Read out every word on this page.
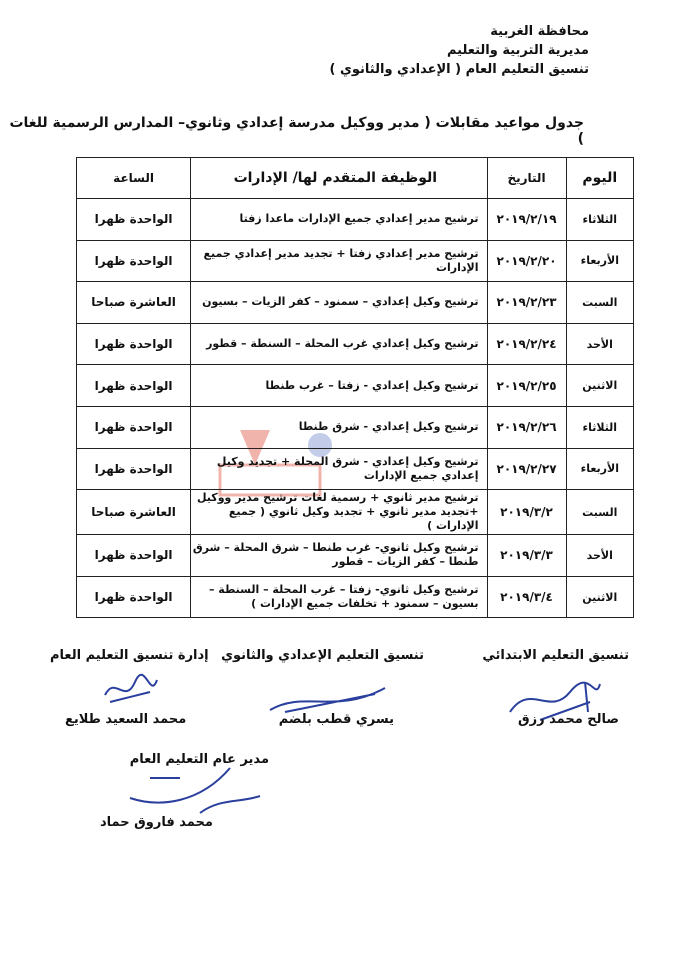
محافظة الغربية
مديرية التربية والتعليم
تنسيق التعليم العام ( الإعدادي والثانوي )
جدول مواعيد مقابلات ( مدير ووكيل مدرسة إعدادي وثانوي– المدارس الرسمية للغات )
اليوم	التاريخ	الوظيفة المتقدم لها/ الإدارات	الساعة
الثلاثاء	٢٠١٩/٢/١٩	ترشيح مدير إعدادي جميع الإدارات ماعدا زفتا	الواحدة ظهرا
الأربعاء	٢٠١٩/٢/٢٠	ترشيح مدير إعدادي زفتا + تجديد مدير إعدادي جميع الإدارات	الواحدة ظهرا
السبت	٢٠١٩/٢/٢٣	ترشيح وكيل إعدادي – سمنود – كفر الزيات – بسيون	العاشرة صباحا
الأحد	٢٠١٩/٢/٢٤	ترشيح وكيل إعدادي غرب المحلة – السنطة – قطور	الواحدة ظهرا
الاثنين	٢٠١٩/٢/٢٥	ترشيح وكيل إعدادي - زفتا – غرب طنطا	الواحدة ظهرا
الثلاثاء	٢٠١٩/٢/٢٦	ترشيح وكيل إعدادي - شرق طنطا	الواحدة ظهرا
الأربعاء	٢٠١٩/٢/٢٧	ترشيح وكيل إعدادي - شرق المحلة + تجديد وكيل إعدادي جميع الإدارات	الواحدة ظهرا
السبت	٢٠١٩/٣/٢	ترشيح مدير ثانوي + رسمية لغات ترشيح مدير ووكيل +تجديد مدير ثانوي + تجديد وكيل ثانوي ( جميع الإدارات )	العاشرة صباحا
الأحد	٢٠١٩/٣/٣	ترشيح وكيل ثانوي- غرب طنطا – شرق المحلة – شرق طنطا – كفر الزيات – قطور	الواحدة ظهرا
الاثنين	٢٠١٩/٣/٤	ترشيح وكيل ثانوي- زفتا – غرب المحلة – السنطة – بسيون – سمنود + تخلفات جميع الإدارات )	الواحدة ظهرا
تنسيق التعليم الابتدائي
تنسيق التعليم الإعدادي والثانوي
إدارة تنسيق التعليم العام
صالح محمد رزق
يسري قطب بلضم
محمد السعيد طلايع
مدير عام التعليم العام
محمد فاروق حماد
